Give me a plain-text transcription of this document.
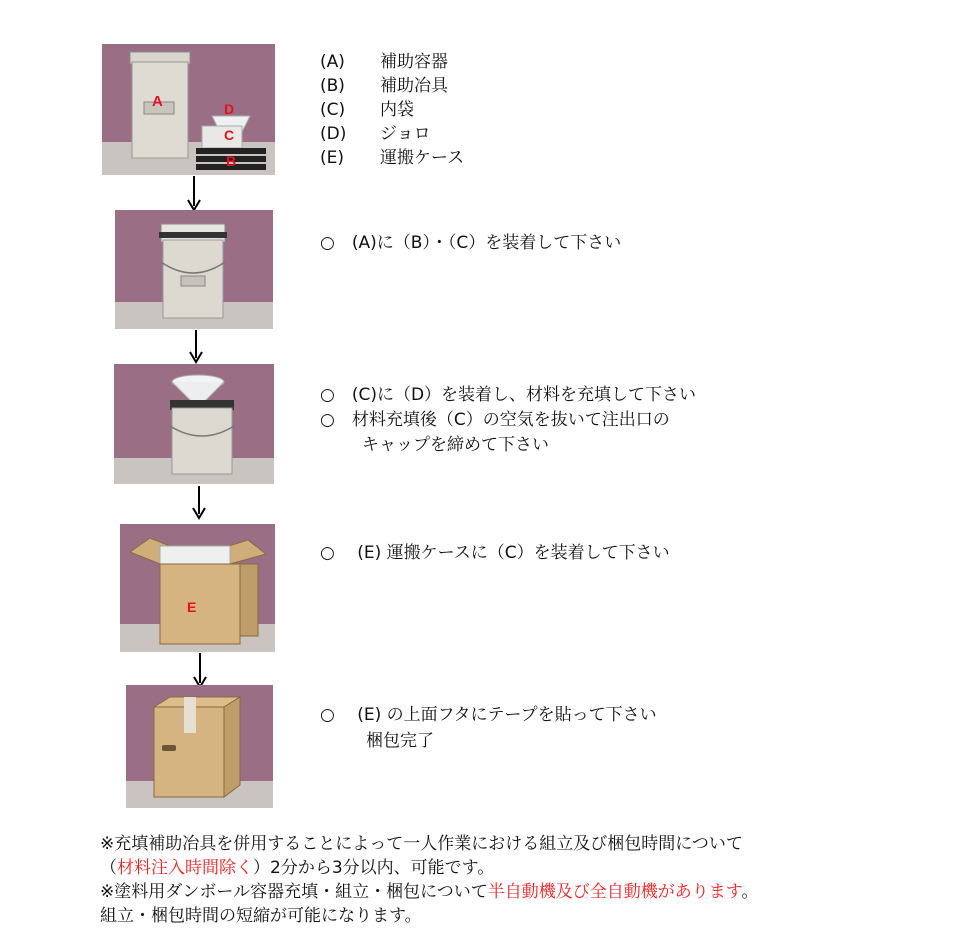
A	D
C
B
(A)	補助容器
(B)	補助冶具
(C)	内袋
(D)	ジョロ
(E)	運搬ケース
○　(A)に（B）・（C）を装着して下さい
○　(C)に（D）を装着し、材料を充填して下さい
○　材料充填後（C）の空気を抜いて注出口の
キャップを締めて下さい
E
○　 (E) 運搬ケースに（C）を装着して下さい
○　 (E) の上面フタにテープを貼って下さい
梱包完了
※充填補助冶具を併用することによって一人作業における組立及び梱包時間について
（材料注入時間除く）2分から3分以内、可能です。
※塗料用ダンボール容器充填・組立・梱包について半自動機及び全自動機があります。
組立・梱包時間の短縮が可能になります。
